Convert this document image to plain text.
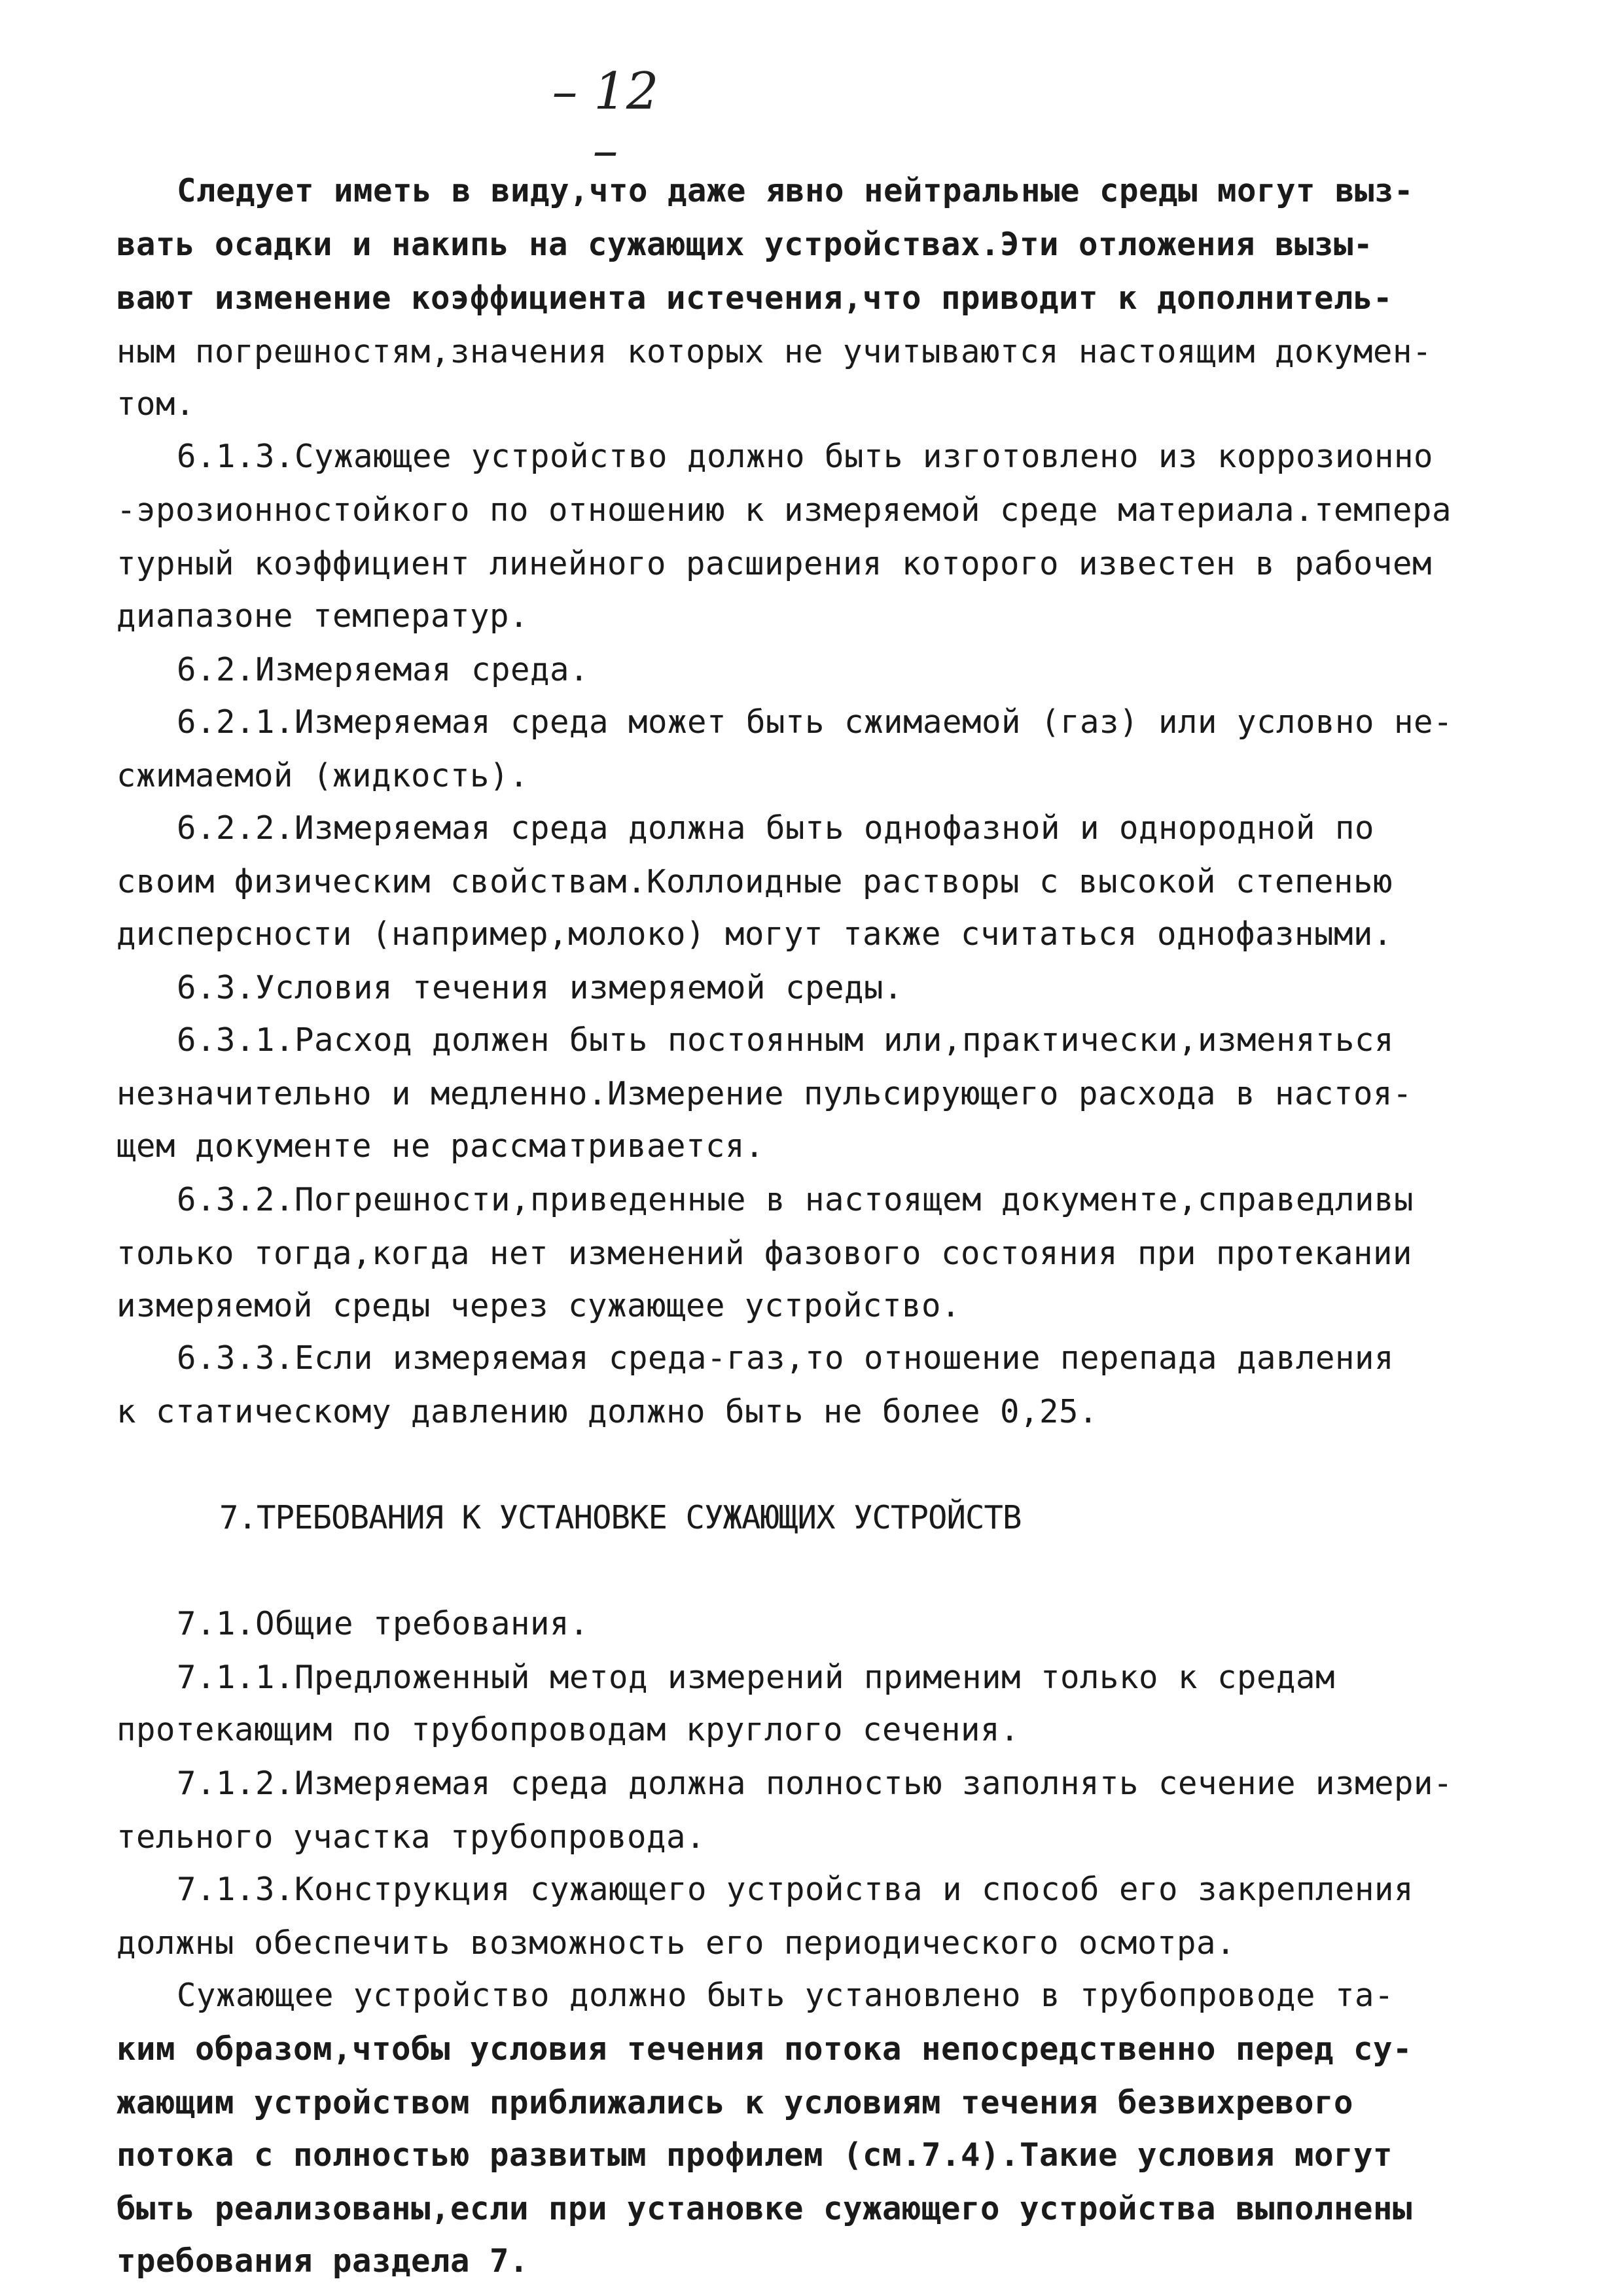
– 12 –
Следует иметь в виду,что даже явно нейтральные среды могут выз-
вать осадки и накипь на сужающих устройствах.Эти отложения вызы-
вают изменение коэффициента истечения,что приводит к дополнитель-
ным погрешностям,значения которых не учитываются настоящим докумен-
том.
6.1.3.Сужающее устройство должно быть изготовлено из коррозионно
-эрозионностойкого по отношению к измеряемой среде материала.темпера
турный коэффициент линейного расширения которого известен в рабочем
диапазоне температур.
6.2.Измеряемая среда.
6.2.1.Измеряемая среда может быть сжимаемой (газ) или условно не-
сжимаемой (жидкость).
6.2.2.Измеряемая среда должна быть однофазной и однородной по
своим физическим свойствам.Коллоидные растворы с высокой степенью
дисперсности (например,молоко) могут также считаться однофазными.
6.3.Условия течения измеряемой среды.
6.3.1.Расход должен быть постоянным или,практически,изменяться
незначительно и медленно.Измерение пульсирующего расхода в настоя-
щем документе не рассматривается.
6.3.2.Погрешности,приведенные в настоящем документе,справедливы
только тогда,когда нет изменений фазового состояния при протекании
измеряемой среды через сужающее устройство.
6.3.3.Если измеряемая среда-газ,то отношение перепада давления
к статическому давлению должно быть не более 0,25.
7.ТРЕБОВАНИЯ К УСТАНОВКЕ СУЖАЮЩИХ УСТРОЙСТВ
7.1.Общие требования.
7.1.1.Предложенный метод измерений применим только к средам
протекающим по трубопроводам круглого сечения.
7.1.2.Измеряемая среда должна полностью заполнять сечение измери-
тельного участка трубопровода.
7.1.3.Конструкция сужающего устройства и способ его закрепления
должны обеспечить возможность его периодического осмотра.
Сужающее устройство должно быть установлено в трубопроводе та-
ким образом,чтобы условия течения потока непосредственно перед су-
жающим устройством приближались к условиям течения безвихревого
потока с полностью развитым профилем (см.7.4).Такие условия могут
быть реализованы,если при установке сужающего устройства выполнены
требования раздела 7.
